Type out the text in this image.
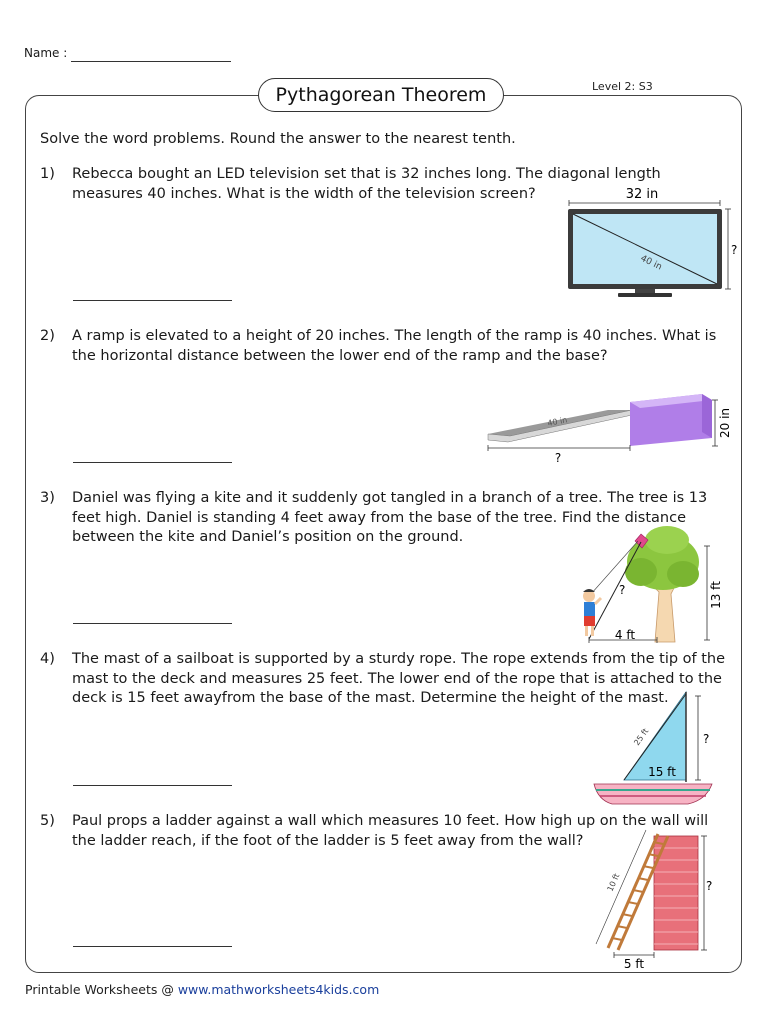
Name :
Pythagorean Theorem	Level 2: S3
Solve the word problems. Round the answer to the nearest tenth.
1) Rebecca bought an LED television set that is 32 inches long. The diagonal length measures 40 inches. What is the width of the television screen?	32 in
40 in
?
2) A ramp is elevated to a height of 20 inches. The length of the ramp is 40 inches. What is the horizontal distance between the lower end of the ramp and the base?
40 in	20 in
?
3) Daniel was flying a kite and it suddenly got tangled in a branch of a tree. The tree is 13 feet high. Daniel is standing 4 feet away from the base of the tree. Find the distance between the kite and Daniel’s position on the ground.
?
4 ft
13 ft
4) The mast of a sailboat is supported by a sturdy rope. The rope extends from the tip of the mast to the deck and measures 25 feet. The lower end of the rope that is attached to the deck is 15 feet awayfrom the base of the mast. Determine the height of the mast.
25 ft
15 ft
?
5) Paul props a ladder against a wall which measures 10 feet. How high up on the wall will the ladder reach, if the foot of the ladder is 5 feet away from the wall?
10 ft	?
5 ft
Printable Worksheets @ www.mathworksheets4kids.com
